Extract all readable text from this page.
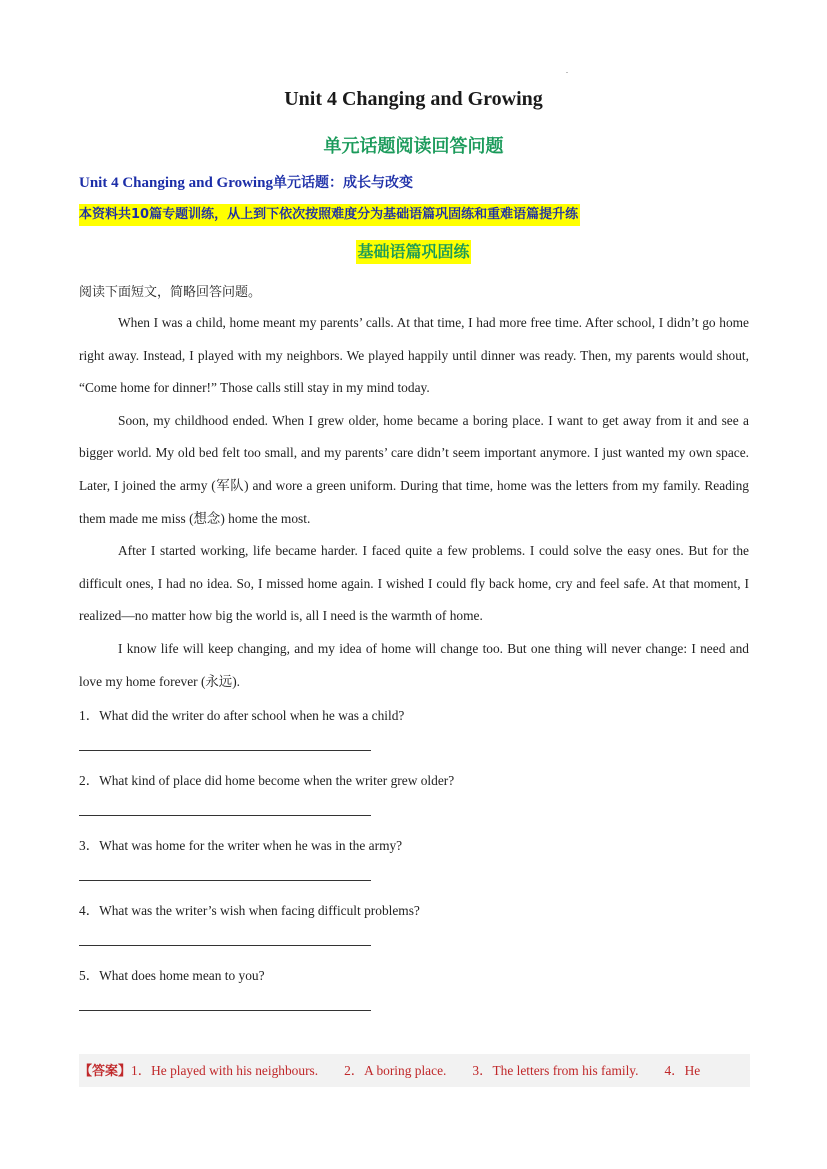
.
Unit 4 Changing and Growing
单元话题阅读回答问题
Unit 4 Changing and Growing单元话题：成长与改变
本资料共10篇专题训练，从上到下依次按照难度分为基础语篇巩固练和重难语篇提升练
基础语篇巩固练
阅读下面短文，简略回答问题。

When I was a child, home meant my parents’ calls. At that time, I had more free time. After school, I didn’t go home right away. Instead, I played with my neighbors. We played happily until dinner was ready. Then, my parents would shout, “Come home for dinner!” Those calls still stay in my mind today.

Soon, my childhood ended. When I grew older, home became a boring place. I want to get away from it and see a bigger world. My old bed felt too small, and my parents’ care didn’t seem important anymore. I just wanted my own space. Later, I joined the army (军队) and wore a green uniform. During that time, home was the letters from my family. Reading them made me miss (想念) home the most.

After I started working, life became harder. I faced quite a few problems. I could solve the easy ones. But for the difficult ones, I had no idea. So, I missed home again. I wished I could fly back home, cry and feel safe. At that moment, I realized—no matter how big the world is, all I need is the warmth of home.

I know life will keep changing, and my idea of home will change too. But one thing will never change: I need and love my home forever (永远).

1．What did the writer do after school when he was a child?
2．What kind of place did home become when the writer grew older?
3．What was home for the writer when he was in the army?
4．What was the writer’s wish when facing difficult problems?
5．What does home mean to you?
【答案】1．He played with his neighbours. 2．A boring place. 3．The letters from his family. 4．He
